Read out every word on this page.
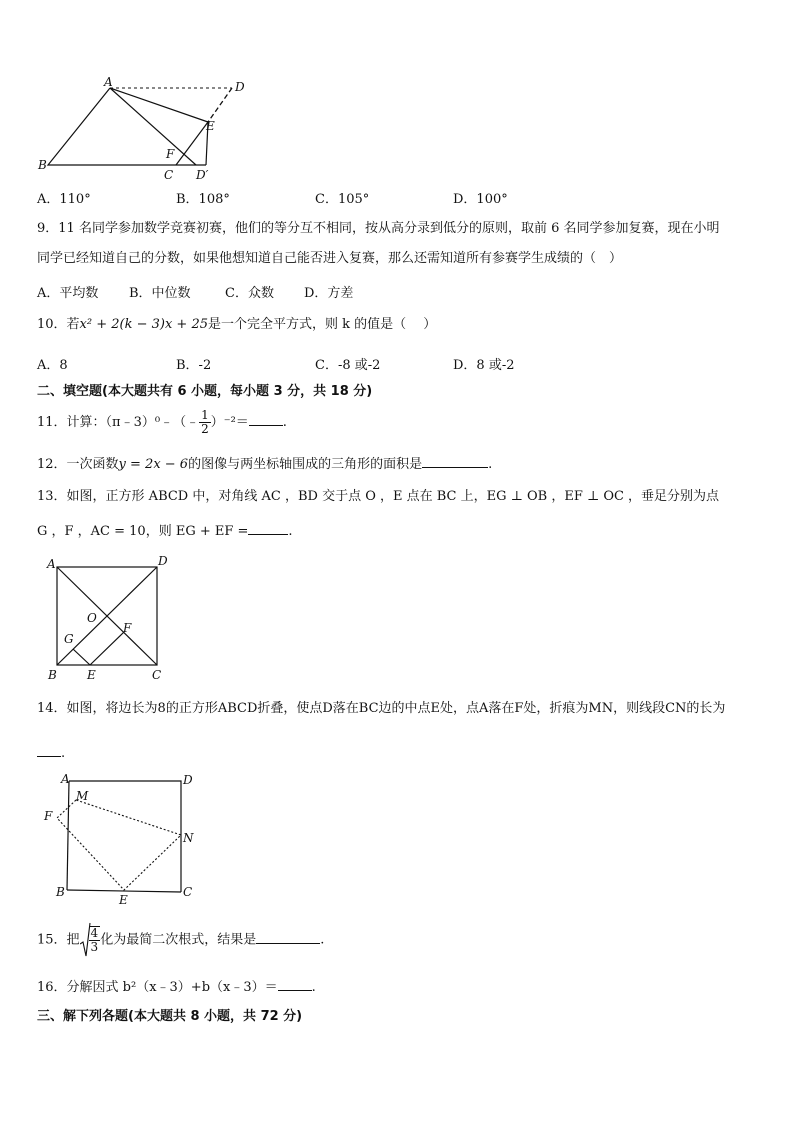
A	D
E
B
F
C D′
A．110°	B．108°	C．105°	D．100°
9．11 名同学参加数学竞赛初赛，他们的等分互不相同，按从高分录到低分的原则，取前 6 名同学参加复赛，现在小明
同学已经知道自己的分数，如果他想知道自己能否进入复赛，那么还需知道所有参赛学生成绩的（　）
A．平均数 B．中位数	C．众数 D．方差
10．若x² + 2(k − 3)x + 25是一个完全平方式，则 k 的值是（　 ）
A．8	B．-2	C．-8 或-2	D．8 或-2
二、填空题(本大题共有 6 小题，每小题 3 分，共 18 分)
11．计算：（π﹣3）⁰﹣（﹣ $\frac{1}{2} )^{-2}=$	.
12．一次函数y = 2x − 6的图像与两坐标轴围成的三角形的面积是	.
13．如图，正方形 ABCD 中，对角线 AC ，BD 交于点 O ，E 点在 BC 上，EG ⊥ OB ，EF ⊥ OC ，垂足分别为点
G ，F ，AC = 10，则 EG + EF =	.
A	D
O
F
G
B	E	C
14．如图，将边长为8的正方形ABCD折叠，使点D落在BC边的中点E处，点A落在F处，折痕为MN，则线段CN的长为
.
A	D
M
F
N
B
E
C
15．把 $\frac{4}{3}$ 化为最简二次根式，结果是	.
16．分解因式 b²（x﹣3）+b（x﹣3）＝	.
三、解下列各题(本大题共 8 小题，共 72 分)
